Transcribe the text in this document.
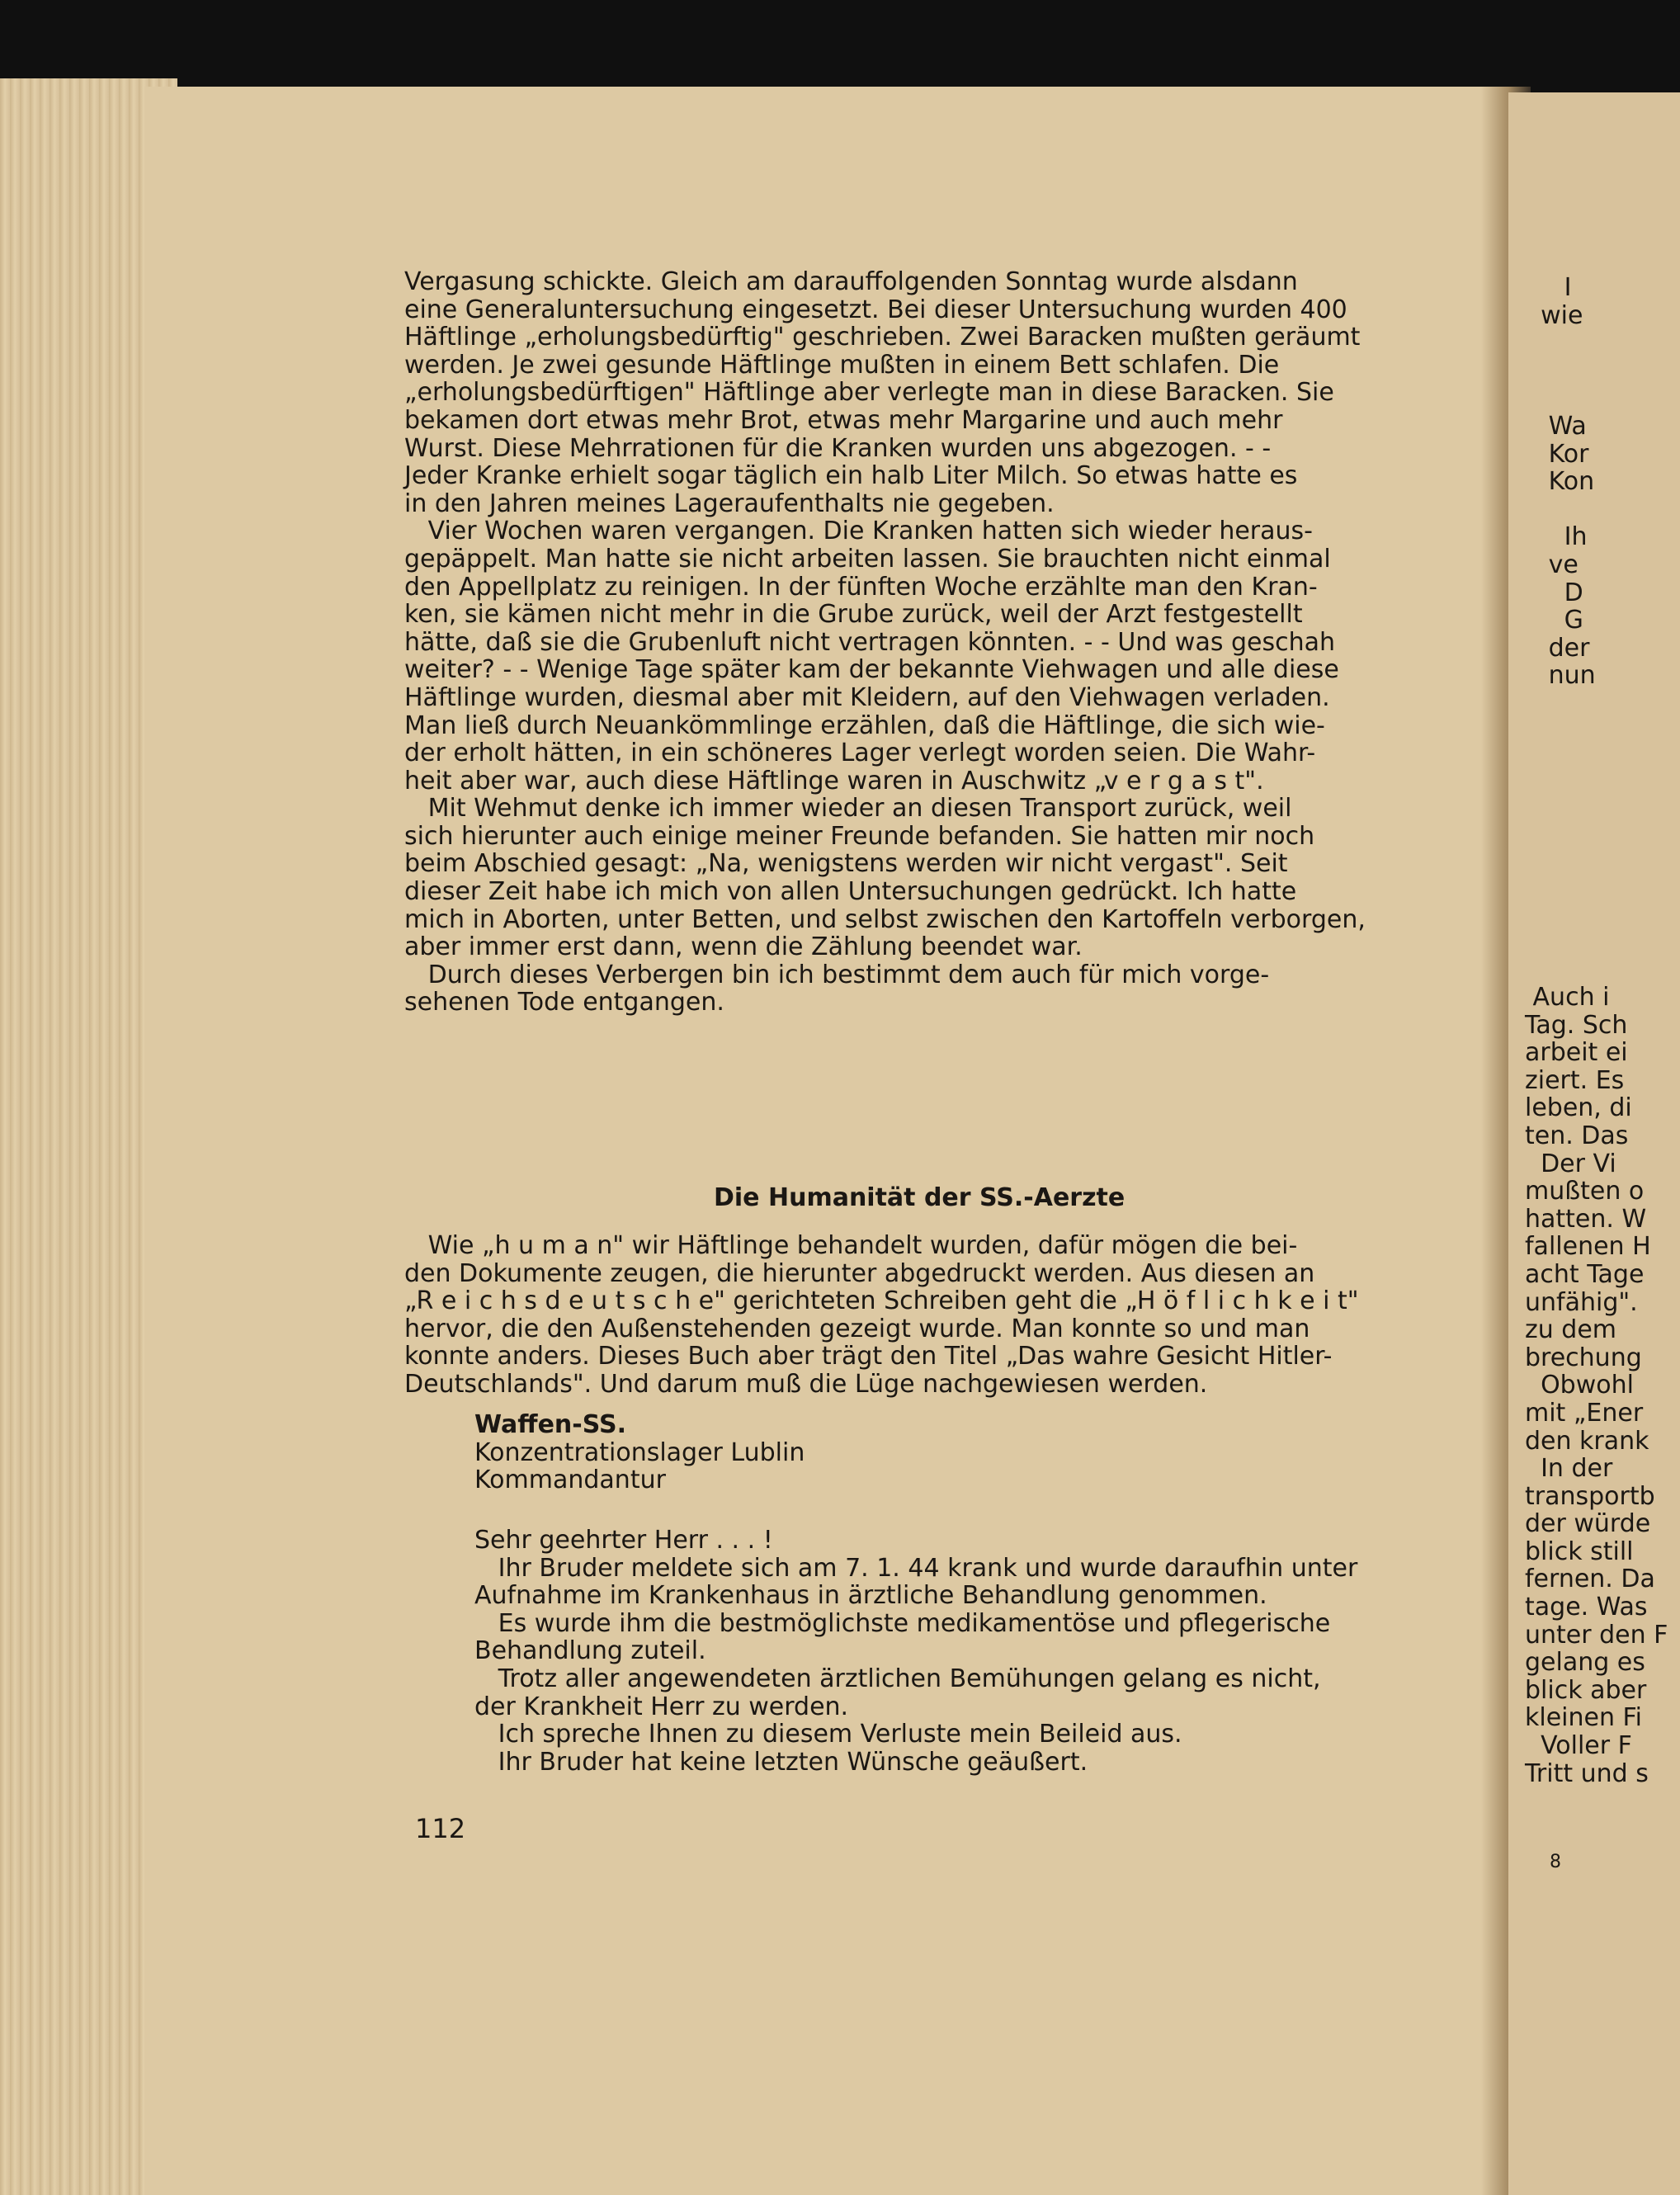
Vergasung schickte. Gleich am darauffolgenden Sonntag wurde alsdann
eine Generaluntersuchung eingesetzt. Bei dieser Untersuchung wurden 400
Häftlinge „erholungsbedürftig" geschrieben. Zwei Baracken mußten geräumt
werden. Je zwei gesunde Häftlinge mußten in einem Bett schlafen. Die
„erholungsbedürftigen" Häftlinge aber verlegte man in diese Baracken. Sie
bekamen dort etwas mehr Brot, etwas mehr Margarine und auch mehr
Wurst. Diese Mehrrationen für die Kranken wurden uns abgezogen. - -
Jeder Kranke erhielt sogar täglich ein halb Liter Milch. So etwas hatte es
in den Jahren meines Lageraufenthalts nie gegeben.
Vier Wochen waren vergangen. Die Kranken hatten sich wieder heraus-
gepäppelt. Man hatte sie nicht arbeiten lassen. Sie brauchten nicht einmal
den Appellplatz zu reinigen. In der fünften Woche erzählte man den Kran-
ken, sie kämen nicht mehr in die Grube zurück, weil der Arzt festgestellt
hätte, daß sie die Grubenluft nicht vertragen könnten. - - Und was geschah
weiter? - - Wenige Tage später kam der bekannte Viehwagen und alle diese
Häftlinge wurden, diesmal aber mit Kleidern, auf den Viehwagen verladen.
Man ließ durch Neuankömmlinge erzählen, daß die Häftlinge, die sich wie-
der erholt hätten, in ein schöneres Lager verlegt worden seien. Die Wahr-
heit aber war, auch diese Häftlinge waren in Auschwitz „v e r g a s t".
Mit Wehmut denke ich immer wieder an diesen Transport zurück, weil
sich hierunter auch einige meiner Freunde befanden. Sie hatten mir noch
beim Abschied gesagt: „Na, wenigstens werden wir nicht vergast". Seit
dieser Zeit habe ich mich von allen Untersuchungen gedrückt. Ich hatte
mich in Aborten, unter Betten, und selbst zwischen den Kartoffeln verborgen,
aber immer erst dann, wenn die Zählung beendet war.
Durch dieses Verbergen bin ich bestimmt dem auch für mich vorge-
sehenen Tode entgangen.
Die Humanität der SS.-Aerzte
Wie „h u m a n" wir Häftlinge behandelt wurden, dafür mögen die bei-
den Dokumente zeugen, die hierunter abgedruckt werden. Aus diesen an
„R e i c h s d e u t s c h e" gerichteten Schreiben geht die „H ö f l i c h k e i t"
hervor, die den Außenstehenden gezeigt wurde. Man konnte so und man
konnte anders. Dieses Buch aber trägt den Titel „Das wahre Gesicht Hitler-
Deutschlands". Und darum muß die Lüge nachgewiesen werden.
Waffen-SS.
Konzentrationslager Lublin
Kommandantur
Sehr geehrter Herr . . . !
Ihr Bruder meldete sich am 7. 1. 44 krank und wurde daraufhin unter
Aufnahme im Krankenhaus in ärztliche Behandlung genommen.
Es wurde ihm die bestmöglichste medikamentöse und pflegerische
Behandlung zuteil.
Trotz aller angewendeten ärztlichen Bemühungen gelang es nicht,
der Krankheit Herr zu werden.
Ich spreche Ihnen zu diesem Verluste mein Beileid aus.
Ihr Bruder hat keine letzten Wünsche geäußert.
112
I
wie

Wa
Kor
Kon

Ih
ve
D
G
der
nun
Auch i
Tag. Sch
arbeit ei
ziert. Es
leben, di
ten. Das
Der Vi
mußten o
hatten. W
fallenen H
acht Tage
unfähig".
zu dem
brechung
Obwohl
mit „Ener
den krank
In der
transportb
der würde
blick still
fernen. Da
tage. Was
unter den F
gelang es
blick aber
kleinen Fi
Voller F
Tritt und s
8
